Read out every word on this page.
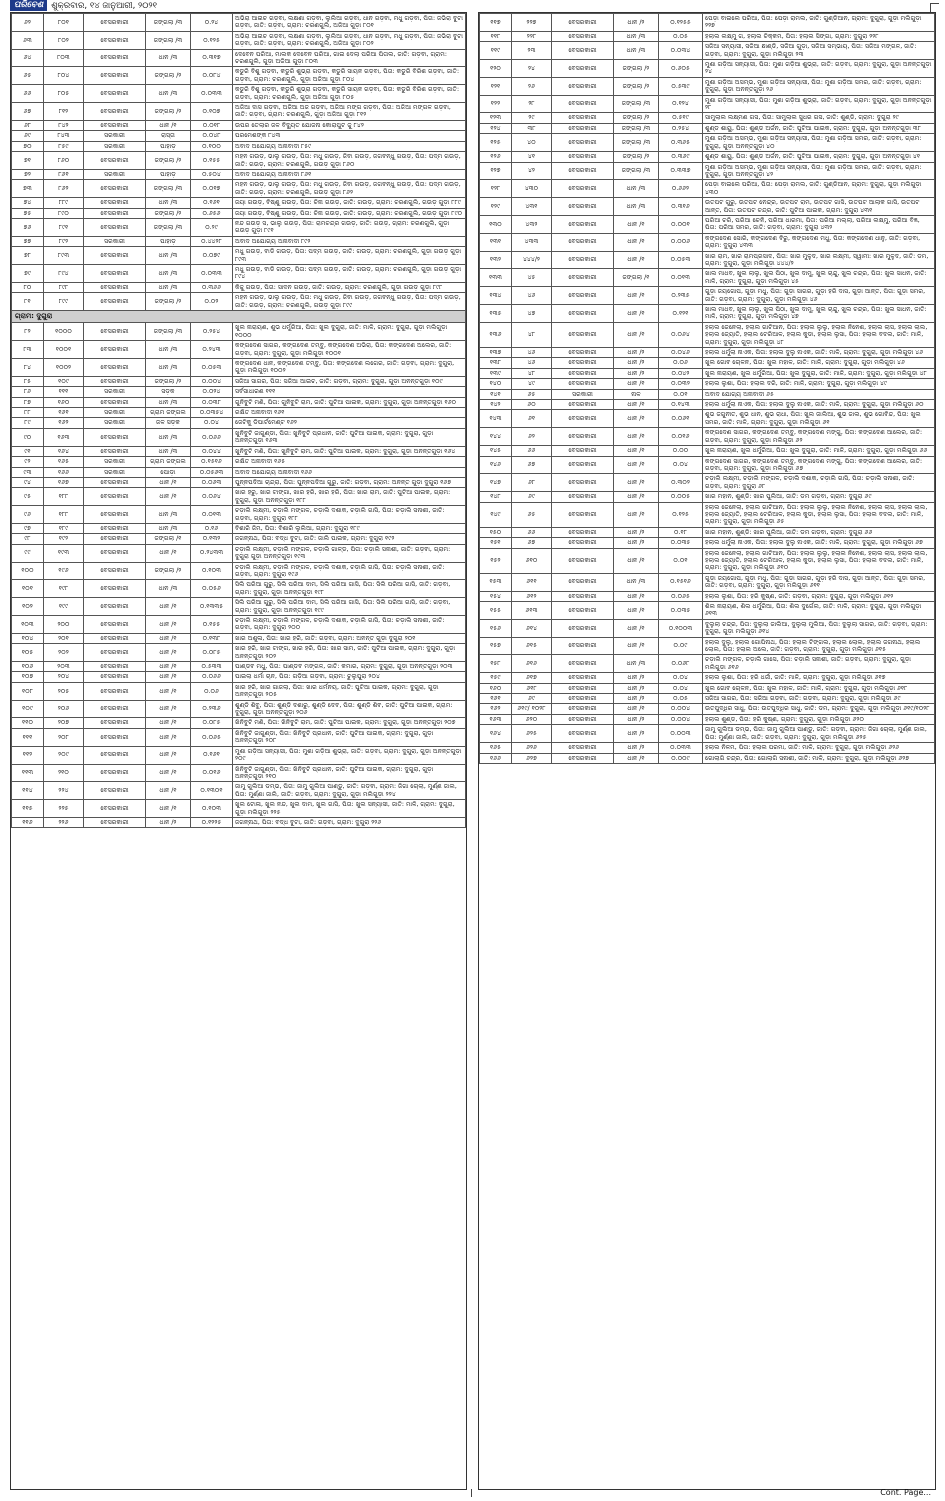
ପରିବେଶ ଶୁକ୍ରବାର, ୧୪ ଜାନୁଆରୀ, ୨୦୨୧
୬୨	୮୦୧	ବେସରକାରୀ	ଜଙ୍ଗଲା /୩	୦.୨୪	ଅଭିରା ଆଇଚ ଗଡ଼ବା, ଲକ୍ଷଣା ଗଡ଼ବା, ଲୁଲିଆ ଗଡ଼ବା, ଧାନ ଗଡ଼ବା, ମଧୁ ଗଡ଼ବା, ପିତା: ଜଭିରା ବୁଟା ଗଡ଼ବା, ଜାତି: ଗଡ଼ବା, ଗ୍ରାମ: ଚରଣଗୁଲି, ଅଜିଆ ଗୁଡ଼ା ୮୦୧
୬୩	୮୦୨	ବେସରକାରୀ	ଜଙ୍ଗଲା /୩	୦.୧୨୫	ଅଭିରା ଆଇଚ ଗଡ଼ବା, ଲକ୍ଷଣା ଗଡ଼ବା, ଲୁଲିଆ ଗଡ଼ବା, ଧାନ ଗଡ଼ବା, ମଧୁ ଗଡ଼ବା, ପିତା: ଜଭିରା ବୁଟା ଗଡ଼ବା, ଜାତି: ଗଡ଼ବା, ଗ୍ରାମ: ଚରଣଗୁଲି, ଅଜିଆ ଗୁଡ଼ା ୮୦୨
୬୪	୮୦୩	ବେସରକାରୀ	ଧାନ /୩	୦.୩୧୭	ଦେବେନ ପରିଆ, ମାଲକ ଦେବେନ ପରିଆ, ଗାଇ ଦେଲା ପରିଆ ପିତାଲ, ଜାତି: ଗଡ଼ବା, ଗ୍ରାମ: ଚରଣଗୁଲି, ଗୁଡ଼ା ଅଜିଆ ଗୁଡ଼ା ୮୦୩
୬୫	୮୦୪	ବେସରକାରୀ	ଜଙ୍ଗଲା /୨	୦.୦୮୪	କଡୁରି ବିଶୁ ଗଡ଼ବା, କଡୁରି ଶୁଭ୍ରା ଗଡ଼ବା, କଡୁରି ସାୟନ ଗଡ଼ବା, ପିତା: କଡୁରି ବିରିଶ ଗଡ଼ବା, ଜାତି: ଗଡ଼ବା, ଗ୍ରାମ: ଚରଣଗୁଲି, ଗୁଡ଼ା ଅଜିଆ ଗୁଡ଼ା ୮୦୪
୬୬	୮୦୫	ବେସରକାରୀ	ଧାନ /୩	୦.୦୩୩	କଡୁରି ବିଶୁ ଗଡ଼ବା, କଡୁରି ଶୁଭ୍ରା ଗଡ଼ବା, କଡୁରି ସାୟନ ଗଡ଼ବା, ପିତା: କଡୁରି ବିରିଶ ଗଡ଼ବା, ଜାତି: ଗଡ଼ବା, ଗ୍ରାମ: ଚରଣଗୁଲି, ଗୁଡ଼ା ଅଜିଆ ଗୁଡ଼ା ୮୦୫
୬୭	୮୧୨	ବେସରକାରୀ	ଜଙ୍ଗଲା /୨	୦.୧୦୭	ଅଜିଆ ଦାସ ଗଡ଼ବା, ଅଜିଆ ଅଜ ଗଡ଼ବା, ଅଜିଆ ମଙ୍ଗ ଗଡ଼ବା, ପିତା: ଅଜିଆ ମଙ୍ଗଳ ଗଡ଼ବା, ଜାତି: ଗଡ଼ବା, ଗ୍ରାମ: ଚରଣଗୁଲି, ଗୁଡ଼ା ଅଜିଆ ଗୁଡ଼ା ୮୧୨
୬୮	୮୪୨	ବେସରକାରୀ	ଧାନ /୧	୦.୦୧୮	ଉପର ତେଲାର ଜଳ ବିଦ୍ୟୁତ ଯୋଜନା କୋରାପୁଟ ଜୁ ୮୪୨
୬୯	୮୪୩	ସରକାରୀ	ରାସ୍ତା	୦.୦୪୮	ପରମେଶଙ୍କ ୮୪୩
୭୦	୮୫୯	ସରକାରୀ	ପାହାଡ଼	୦.୧୦୦	ଅବାଦ ଅଯୋଗ୍ୟ ଅନାବାଦୀ ୮୫୯
୭୧	୮୬୦	ବେସରକାରୀ	ଜଙ୍ଗଲା /୨	୦.୧୫୫	ମହନ ଗଉଡ଼, ଭାଲୁ ଗଉଡ଼, ପିତା: ମଧୁ ଗଉଡ଼, ଜିବା ଗଉଡ଼, ଜଗବନ୍ଧୁ ଗଉଡ଼, ପିତା: ପଦ୍ମ ଗଉଡ଼, ଜାତି: ଗଉଡ଼, ଗ୍ରାମ: ଚରଣଗୁଲି, ଗଉଡ଼ ଗୁଡ଼ା ୮୬୦
୭୨	୮୬୧	ସରକାରୀ	ପାହାଡ଼	୦.୫୦୪	ଅବାଦ ଅଯୋଗ୍ୟ ଅନାବାଦୀ ୮୬୧
୭୩	୮୬୨	ବେସରକାରୀ	ଜଙ୍ଗଲା /୩	୦.୦୧୭	ମହନ ଗଉଡ଼, ଭାଲୁ ଗଉଡ଼, ପିତା: ମଧୁ ଗଉଡ଼, ଜିବା ଗଉଡ଼, ଜଗବନ୍ଧୁ ଗଉଡ଼, ପିତା: ପଦ୍ମ ଗଉଡ଼, ଜାତି: ଗଉଡ଼, ଗ୍ରାମ: ଚରଣଗୁଲି, ଗଉଡ଼ ଗୁଡ଼ା ୮୬୨
୭୪	୮୮୯	ବେସରକାରୀ	ଧାନ /୩	୦.୧୬୧	ଜୟା ଗଉଡ଼, ବିଷ୍ଣୁ ଗଉଡ଼, ପିତା: ଚିନା ଗଉଡ଼, ଜାତି: ଗଉଡ଼, ଗ୍ରାମ: ଚରଣଗୁଲି, ଗଉଡ଼ ଗୁଡ଼ା ୮୮୯
୭୫	୮୯୦	ବେସରକାରୀ	ଜଙ୍ଗଲା /୨	୦.୬୫୬	ଜୟା ଗଉଡ଼, ବିଷ୍ଣୁ ଗଉଡ଼, ପିତା: ଚିନା ଗଉଡ଼, ଜାତି: ଗଉଡ଼, ଗ୍ରାମ: ଚରଣଗୁଲି, ଗଉଡ଼ ଗୁଡ଼ା ୮୯୦
୭୬	୮୯୧	ବେସରକାରୀ	ଜଙ୍ଗଲା /୩	୦.୨୯	ନନ୍ଦ ଗଉଡ଼ ସ, ଭାଲୁ ଗଉଡ଼, ପିତା: ରାମଚନ୍ଦ୍ର ଗଉଡ଼, ଜାତି: ଗଉଡ଼, ଗ୍ରାମ: ଚରଣଗୁଲି, ଗୁଡ଼ା ଗଉଡ଼ ଗୁଡ଼ା ୮୯୧
୭୭	୮୯୨	ସରକାରୀ	ପାହାଡ଼	୦.୪୪୨୮	ଅବାଦ ଅଯୋଗ୍ୟ ଅନାବାଦୀ ୮୯୨
୭୮	୮୯୩	ବେସରକାରୀ	ଧାନ /୩	୦.୦୭୯	ମଧୁ ଗଉଡ଼, ବାଡି ଗଉଡ଼, ପିତା: ପଦ୍ମ ଗଉଡ଼, ଜାତି: ଗଉଡ଼, ଗ୍ରାମ: ଚରଣଗୁଲି, ଗୁଡ଼ା ଗଉଡ଼ ଗୁଡ଼ା ୮୯୩
୭୯	୮୯୪	ବେସରକାରୀ	ଧାନ /୩	୦.୦୩୩	ମଧୁ ଗଉଡ଼, ବାଡି ଗଉଡ଼, ପିତା: ପଦ୍ମ ଗଉଡ଼, ଜାତି: ଗଉଡ଼, ଗ୍ରାମ: ଚରଣଗୁଲି, ଗୁଡ଼ା ଗଉଡ଼ ଗୁଡ଼ା ୮୯୪
୮୦	୮୯୮	ବେସରକାରୀ	ଧାନ /୩	୦.୩୬୬	କିଚ୍ଚୁ ଗଉଡ଼, ପିତା: ସାଦନ ଗଉଡ଼, ଜାତି: ଗଉଡ଼, ଗ୍ରାମ: ଚରଣଗୁଲି, ଗୁଡ଼ା ଗଉଡ଼ ଗୁଡ଼ା ୮୯୮
୮୧	୮୯୯	ବେସରକାରୀ	ଜଙ୍ଗଲା /୨	୦.୦୨	ମହନ ଗଉଡ଼, ଭାଲୁ ଗଉଡ଼, ପିତା: ମଧୁ ଗଉଡ଼, ଜିବା ଗଉଡ଼, ଜଗବନ୍ଧୁ ଗଉଡ଼, ପିତା: ପଦ୍ମ ଗଉଡ଼, ଜାତି: ଗଉଡ଼, ଗ୍ରାମ: ଚରଣଗୁଲି, ଗଉଡ଼ ଗୁଡ଼ା ୮୯୯
ଗ୍ରାମ: ଦୁଗୁରା					
୮୨	୧୦୦୦	ବେସରକାରୀ	ଜଙ୍ଗଲା /୩	୦.୨୫୪	ଖୁଲ ନାରାୟଣ, ଶୁଭ ଧର୍ମୁରିଆ, ପିତା: ଖୁଲ ଦୁଗୁରା, ଜାତି: ମାଳି, ଗ୍ରାମ: ଦୁଗୁରା, ଗୁଡ଼ା ମଲିଗୁଡ଼ା ୧୦୦୦
୮୩	୧୦୦୧	ବେସରକାରୀ	ଧାନ /୩	୦.୨୪୩	କଙ୍ଗଦେଣ ସାଗର, କଙ୍ଗଦେଣ ତମ୍ବୁ, କଙ୍ଗଦେଣ ଅଭିରା, ପିତା: କଙ୍ଗଦେଣ ଅଲେର, ଜାତି: ଗଡ଼ବା, ଗ୍ରାମ: ଦୁଗୁରା, ଗୁଡ଼ା ମଲିଗୁଡ଼ା ୧୦୦୧
୮୪	୧୦୦୨	ବେସରକାରୀ	ଧାନ /୩	୦.୦୫୩	କଙ୍ଗଦେଣ ଧାନ, କଙ୍ଗଦେଣ ତମ୍ବୁ, ପିତା: କଙ୍ଗଦେଣ ଲଗେର, ଜାତି: ଗଡ଼ବା, ଗ୍ରାମ: ଦୁଗୁରା, ଗୁଡ଼ା ମଲିଗୁଡ଼ା ୧୦୦୨
୮୫	୧୦୯	ବେସରକାରୀ	ଜଙ୍ଗଲା /୨	୦.୦୦୪	ସଜିଆ ସାଗର, ପିତା: ସଜିଆ ଆଇଚ, ଜାତି: ଗଡ଼ବା, ଗ୍ରାମ: ଦୁଗୁରା, ଗୁଡ଼ା ଅନନ୍ତଗୁଡ଼ା ୧୦୯
୮୬	୧୧୧	ସରକାରୀ	ସଡ଼କ	୦.୦୨୪	ସର୍ବସାଧାରଣ ୧୧୧
୮୭	୧୬୦	ବେସରକାରୀ	ଧାନ /୩	୦.୦୩୮	ଗୁନିବୁଟି ମଣି, ପିତା: ଗୁନିବୁଟି ରାମ, ଜାତି: ପୁଟିଆ ପାଇକ, ଗ୍ରାମ: ଦୁଗୁରା, ଗୁଡ଼ା ଅନନ୍ତଗୁଡ଼ା ୧୬୦
୮୮	୧୬୧	ସରକାରୀ	ଗ୍ରାମ ଜଙ୍ଗଲ	୦.୦୩୫୪	ରକ୍ଷିତ ଅନାବାଦୀ ୧୬୧
୮୯	୧୬୨	ସରକାରୀ	ଜଳ ସଡ଼କ	୦.୦୪	ଜେଟିକୁ ଡିପାର୍ଟମେଣ୍ଟ ୧୬୨
୯୦	୧୬୩	ବେସରକାରୀ	ଧାନ /୩	୦.୦୬୬	ଖୁନିବୁଟି ଜାଗୁଣ୍ଡା, ପିତା: ଖୁନିବୁଟି ପ୍ରଧାନ, ଜାତି: ପୁଟିଆ ପାଇକ, ଗ୍ରାମ: ଦୁଗୁରା, ଗୁଡ଼ା ଅନନ୍ତଗୁଡ଼ା ୧୬୩
୯୧	୧୬୪	ବେସରକାରୀ	ଧାନ /୩	୦.୦୪୪	ଖୁନିବୁଟି ମଣି, ପିତା: ଖୁନିବୁଟି ରାମ, ଜାତି: ପୁଟିଆ ପାଇକ, ଗ୍ରାମ: ଦୁଗୁରା, ଗୁଡ଼ା ଅନନ୍ତଗୁଡ଼ା ୧୬୪
୯୨	୧୬୫	ସରକାରୀ	ଗ୍ରାମ ଜଙ୍ଗଲ	୦.୧୫୧୬	ରକ୍ଷିତ ଅନାବାଦୀ ୧୬୫
୯୩	୧୬୬	ସରକାରୀ	ପୋଡ଼ା	୦.୦୫୬୩	ଅବାଦ ଅଯୋଗ୍ୟ ଅନାବାଦୀ ୧୬୬
୯୪	୧୬୭	ବେସରକାରୀ	ଧାନ /୧	୦.୦୬୩	ପୁନ୍ନପଦିଆ ଚାନ୍ଦ୍ରା, ପିତା: ପୁନ୍ନପଦିଆ ଗୁରୁ, ଜାତି: ଗଡ଼ବା, ଗ୍ରାମ: ଅନନ୍ତ ଗୁଡ଼ା ଦୁଗୁରା ୧୬୭
୯୫	୧୮୮	ବେସରକାରୀ	ଧାନ /୧	୦.୦୬୪	ଖାର ହରୁ, ଖାର ଟାଙ୍ଗା, ଖାର ହରି, ଖାର ହରି, ପିତା: ଖାର ରାମ, ଜାତି: ପୁଟିଆ ପାଇକ, ଗ୍ରାମ: ଦୁଗୁରା, ଗୁଡ଼ା ଅନନ୍ତଗୁଡ଼ା ୧୮୮
୯୬	୧୮୮	ବେସରକାରୀ	ଧାନ /୩	୦.୦୧୩	ଚଡ଼ାଲି ଲକ୍ଷ୍ମୀ, ଚଡ଼ାଲି ମଙ୍ଗଳ, ଚଡ଼ାଲି ଦଶାକ, ଚଡ଼ାଲି ଗାସି, ପିତା: ଚଡ଼ାଲି ସନାଶୀ, ଜାତି: ଗଡ଼ବା, ଗ୍ରାମ: ଦୁଗୁରା ୧୮୮
୯୭	୧୮୯	ବେସରକାରୀ	ଧାନ /୩	୦.୧୬	ବିଶାରି ଜିମ, ପିତା: ବିଶାରି ଲୁଲିଆ, ଗ୍ରାମ: ଦୁଗୁରା ୧୮୯
୯୮	୧୯୨	ବେସରକାରୀ	ଜଙ୍ଗଲା /୧	୦.୧୩୨	ଜଗନ୍ନାଥ, ପିତା: ବଦ୍ଧ ବୁଟା, ଜାତି: ଜାଲି ପାଇକ, ଗ୍ରାମ: ଦୁଗୁରା ୧୯୨
୯୯	୧୯୩	ବେସରକାରୀ	ଧାନ /୧	୦.୨୪୩୩	ଚଡ଼ାଲି ଲକ୍ଷ୍ମୀ, ଚଡ଼ାଲି ମଙ୍ଗଳ, ଚଡ଼ାଲି ଗାଳ୍ଡ, ପିତା: ଚଡ଼ାଲି ସନାଶୀ, ଜାତି: ଗଡ଼ବା, ଗ୍ରାମ: ଦୁଗୁରା ଗୁଡ଼ା ଅନନ୍ତଗୁଡ଼ା ୧୯୩
୧୦୦	୧୯୬	ବେସରକାରୀ	ଜଙ୍ଗଲା /୨	୦.୧୦୩	ଚଡ଼ାଲି ଲକ୍ଷ୍ମୀ, ଚଡ଼ାଲି ମଙ୍ଗଳ, ଚଡ଼ାଲି ଦଶାକ, ଚଡ଼ାଲି ଗାସି, ପିତା: ଚଡ଼ାଲି ସନାଶୀ, ଜାତି: ଗଡ଼ବା, ଗ୍ରାମ: ଦୁଗୁରା ୧୯୬
୧୦୧	୧୯୮	ବେସରକାରୀ	ଧାନ /୩	୦.୦୫୬	ସିଲି ପରିଆ ଗୁରୁ, ସିଲି ପରିଆ ଦାମ, ସିଲି ପରିଆ ଗାସି, ପିତା: ସିଲି ପରିଆ ଗାସି, ଜାତି: ଗଡ଼ବା, ଗ୍ରାମ: ଦୁଗୁରା, ଗୁଡ଼ା ଅନନ୍ତଗୁଡ଼ା ୧୯୮
୧୦୨	୧୯୯	ବେସରକାରୀ	ଧାନ /୧	୦.୧୩୩୫	ସିଲି ପରିଆ ଗୁରୁ, ସିଲି ପରିଆ ଦାମ, ସିଲି ପରିଆ ଗାସି, ପିତା: ସିଲି ପରିଆ ଗାସି, ଜାତି: ଗଡ଼ବା, ଗ୍ରାମ: ଦୁଗୁରା, ଗୁଡ଼ା ଅନନ୍ତଗୁଡ଼ା ୧୯୯
୧୦୩	୨୦୦	ବେସରକାରୀ	ଧାନ /୧	୦.୧୫୫	ଚଡ଼ାଲି ଲକ୍ଷ୍ମୀ, ଚଡ଼ାଲି ମଙ୍ଗଳ, ଚଡ଼ାଲି ଦଶାକ, ଚଡ଼ାଲି ଗାସି, ପିତା: ଚଡ଼ାଲି ସନାଶୀ, ଜାତି: ଗଡ଼ବା, ଗ୍ରାମ: ଦୁଗୁରା ୨୦୦
୧୦୪	୨୦୧	ବେସରକାରୀ	ଧାନ /୧	୦.୧୩୮	ଖାର ଅଶୁଳା, ପିତା: ଖାର ହରି, ଜାତି: ଗଡ଼ବା, ଗ୍ରାମ: ଅନନ୍ତ ଗୁଡ଼ା ଦୁଗୁରା ୨୦୧
୧୦୫	୨୦୨	ବେସରକାରୀ	ଧାନ /୧	୦.୦୮୫	ଖାର ହରି, ଖାର ଟାଙ୍ଗ, ଖାର ହରି, ପିତା: ଖାର ସାମ, ଜାତି: ପୁଟିଆ ପାଇକ, ଗ୍ରାମ: ଦୁଗୁରା, ଗୁଡ଼ା ଅନନ୍ତଗୁଡ଼ା ୨୦୨
୧୦୬	୨୦୩	ବେସରକାରୀ	ଧାନ /୧	୦.୫୩୩	ପାଣ୍ଡବ ମଧୁ, ପିତା: ପାଣ୍ଡବ ମଙ୍ଗଳ, ଜାତି: କମାର, ଗ୍ରାମ: ଦୁଗୁରା, ଗୁଡ଼ା ଅନନ୍ତଗୁଡ଼ା ୨୦୩
୧୦୭	୨୦୪	ବେସରକାରୀ	ଧାନ /୧	୦.୦୬୬	ପାଇଲା ଧର୍ମା ଚାନ, ପିତା: ଗଡ଼ିଆ ଗଡ଼ବା, ଗ୍ରାମ: ଚୁଲୁପୁରା ୨୦୪
୧୦୮	୨୦୫	ବେସରକାରୀ	ଧାନ /୧	୦.୦୬	ଖାର ହରି, ଖାର ଗାଜଲା, ପିତା: ଖାର ଧର୍ମନୟ, ଜାତି: ପୁଟିଆ ପାଇକ, ଗ୍ରାମ: ଦୁଗୁରା, ଗୁଡ଼ା ଅନନ୍ତଗୁଡ଼ା ୨୦୫
୧୦୯	୨୦୬	ବେସରକାରୀ	ଧାନ /୧	୦.୨୩୬	ଶୁଣ୍ଡି ଶିବୁ, ପିତା: ଶୁଣ୍ଡି ଦଶାରୁ, ଶୁଣ୍ଡି ଦେବ, ପିତା: ଶୁଣ୍ଡି ଶିବ, ଜାତି: ପୁଟିଆ ପାଇକ, ଗ୍ରାମ: ଦୁଗୁରା, ଗୁଡ଼ା ଅନନ୍ତଗୁଡ଼ା ୨୦୬
୧୧୦	୨୦୭	ବେସରକାରୀ	ଧାନ /୧	୦.୦୮୫	ଖିନିବୁଟି ମଣି, ପିତା: ଖିନିବୁଟି ରାମ, ଜାତି: ପୁଟିଆ ପାଇକ, ଗ୍ରାମ: ଦୁଗୁରା, ଗୁଡ଼ା ଅନନ୍ତଗୁଡ଼ା ୨୦୭
୧୧୧	୨୦୮	ବେସରକାରୀ	ଧାନ /୧	୦.୦୬୫	ଖିନିବୁଟି ଜାଗୁଣ୍ଡା, ପିତା: ଖିନିବୁଟି ପ୍ରଧାନ, ଜାତି: ପୁଟିଆ ପାଇକ, ଗ୍ରାମ: ଦୁଗୁରା, ଗୁଡ଼ା ଅନନ୍ତଗୁଡ଼ା ୨୦୮
୧୧୨	୨୦୯	ବେସରକାରୀ	ଧାନ /୧	୦.୧୬୧	ମୁଶା ଗଡ଼ିଆ ସନ୍ୟାସୀ, ପିତା: ମୁଶା ଗଡ଼ିଆ ଶୁଭ୍ରା, ଜାତି: ଗଡ଼ବା, ଗ୍ରାମ: ଦୁଗୁରା, ଗୁଡ଼ା ଅନନ୍ତଗୁଡ଼ା ୨୦୯
୧୧୩	୨୧୦	ବେସରକାରୀ	ଧାନ /୧	୦.୦୧୬	ଖିନିବୁଟି ଜାଗୁଣ୍ଡା, ପିତା: ଖିନିବୁଟି ପ୍ରଧାନ, ଜାତି: ପୁଟିଆ ପାଇକ, ଗ୍ରାମ: ଦୁଗୁରା, ଗୁଡ଼ା ଅନନ୍ତଗୁଡ଼ା ୨୧୦
୧୧୪	୨୨୪	ବେସରକାରୀ	ଧାନ /୧	୦.୧୩୦୧	ଜାମୁ ଗୁଲିଆ ଡମ୍ଭ, ପିତା: ଜାମୁ ଗୁଲିଆ ପାଣ୍ଡୁ, ଜାତି: ଗଡ଼ବା, ଗ୍ରାମ: ଜିଗା ଚୋଲା, ମୁର୍ଣ୍ଣ ଜାଲ, ପିତା: ମୁର୍ଣ୍ଣା ଜାଲି, ଜାତି: ଗଡ଼ବା, ଗ୍ରାମ: ଦୁଗୁରା, ଗୁଡ଼ା ମଲିଗୁଡ଼ା ୨୨୪
୧୧୫	୨୨୫	ବେସରକାରୀ	ଧାନ /୧	୦.୧୦୩	ଖୁଲ ଟୋଳା, ଖୁଲ ନନ୍ଦ, ଖୁଲ ଦାମ, ଖୁଲ ଗାସି, ପିତା: ଖୁଲ ସନ୍ୟାସୀ, ଜାତି: ମାଳି, ଗ୍ରାମ: ଦୁଗୁରା, ଗୁଡ଼ା ମଲିଗୁଡ଼ା ୨୨୫
୧୧୬	୨୨୬	ବେସରକାରୀ	ଧାନ /୨	୦.୧୨୨୫	ଜଗନ୍ନାଥ, ପିତା: ବଦ୍ଧ ବୁଟା, ଜାତି: ଗଡ଼ବା, ଗ୍ରାମ: ଦୁଗୁରା ୨୨୬
୧୧୭	୨୨୭	ବେସରକାରୀ	ଧାନ /୨	୦.୧୨୫୫	ପେଡ଼ା ବାଇଲେ ପରିଆ, ପିତା: ପେଡ଼ା ରାମଲ, ଜାତି: ଗୁଣ୍ଡିଆନ, ଗ୍ରାମ: ଦୁଗୁରା, ଗୁଡ଼ା ମଲିଗୁଡ଼ା ୨୨୭
୧୧୮	୨୨୮	ବେସରକାରୀ	ଧାନ /୩	୦.୦୫	ହଲାଲ ଲକ୍ଷ୍ମୁ ଗ, ହଲାଲ ଚିକ୍କମ, ପିତା: ହଲାଲ ସିଙ୍ଗା, ଗ୍ରାମ: ଦୁଗୁରା ୨୨୮
୧୧୯	୨୩	ବେସରକାରୀ	ଧାନ /୩	୦.୦୩୪	ସଜିଆ ସନ୍ୟାସୀ, ସଜିଆ ଛାଣ୍ଡି, ସଜିଆ ଗୁଡ଼ା, ସଜିଆ ସମ୍ଭାୟ, ପିତା: ସଜିଆ ମଙ୍ଗଳ, ଜାତି: ଗଡ଼ବା, ଗ୍ରାମ: ଦୁଗୁରା, ଗୁଡ଼ା ମଲିଗୁଡ଼ା ୨୩
୧୨୦	୨୪	ବେସରକାରୀ	ଜଙ୍ଗଲା /୨	୦.୬୦୫	ମୁଶା ଗଡ଼ିଆ ସନ୍ୟାସୀ, ପିତା: ମୁଶା ଗଡ଼ିଆ ଶୁଭ୍ରା, ଜାତି: ଗଡ଼ବା, ଗ୍ରାମ: ଦୁଗୁରା, ଗୁଡ଼ା ଅନନ୍ତଗୁଡ଼ା ୨୪
୧୨୧	୨୬	ବେସରକାରୀ	ଜଙ୍ଗଲା /୨	୦.୫୩୯	ମୁଶା ଗଡ଼ିଆ ଅସମ୍ଭ, ମୁଶା ଗଡ଼ିଆ ସନ୍ୟାସୀ, ପିତା: ମୁଶା ଗଡ଼ିଆ ସମର, ଜାତି: ଗଡ଼ବା, ଗ୍ରାମ: ଦୁଗୁରା, ଗୁଡ଼ା ଅନନ୍ତଗୁଡ଼ା ୨୬
୧୨୨	୨୮	ବେସରକାରୀ	ଜଙ୍ଗଲା /୩	୦.୧୨୪	ମୁଶା ଗଡ଼ିଆ ସନ୍ୟାସୀ, ପିତା: ମୁଶା ଗଡ଼ିଆ ଶୁଭ୍ରା, ଜାତି: ଗଡ଼ବା, ଗ୍ରାମ: ଦୁଗୁରା, ଗୁଡ଼ା ଅନନ୍ତଗୁଡ଼ା ୨୮
୧୨୩	୨୯	ବେସରକାରୀ	ଜଙ୍ଗଲା /୨	୦.୫୧୯	ସାମୁଲାଲ ଲକ୍ଷ୍ମଣ ଗସ, ପିତା: ସାମୁଲାଲ ସୁଧର ଗସ, ଜାତି: ଶୁଣ୍ଡି, ଗ୍ରାମ: ଦୁଗୁରା ୨୯
୧୨୪	୩୮	ବେସରକାରୀ	ଜଙ୍ଗଲା /୩	୦.୨୫୪	ଶୁଣ୍ଡ ଶାୟୁ, ପିତା: ଶୁଣ୍ଡ ଅର୍ଜନ, ଜାତି: ପୁଟିଆ ପାଇକ, ଗ୍ରାମ: ଦୁଗୁରା, ଗୁଡ଼ା ଅନନ୍ତଗୁଡ଼ା ୩୮
୧୨୫	୪୦	ବେସରକାରୀ	ଜଙ୍ଗଲା /୩	୦.୩୬୫	ମୁଶା ଗଡ଼ିଆ ଅସମ୍ଭ, ମୁଶା ଗଡ଼ିଆ ସନ୍ୟାସୀ, ପିତା: ମୁଶା ଗଡ଼ିଆ ସମର, ଜାତି: ଗଡ଼ବା, ଗ୍ରାମ: ଦୁଗୁରା, ଗୁଡ଼ା ଅନନ୍ତଗୁଡ଼ା ୪୦
୧୨୬	୪୧	ବେସରକାରୀ	ଜଙ୍ଗଲା /୨	୦.୩୬୯	ଶୁଣ୍ଡ ଶାୟୁ, ପିତା: ଶୁଣ୍ଡ ଅର୍ଜନ, ଜାତି: ପୁଟିଆ ପାଇକ, ଗ୍ରାମ: ଦୁଗୁରା, ଗୁଡ଼ା ଅନନ୍ତଗୁଡ଼ା ୪୧
୧୨୭	୪୨	ବେସରକାରୀ	ଜଙ୍ଗଲା /୩	୦.୩୩୭	ମୁଶା ଗଡ଼ିଆ ଅସମ୍ଭ, ମୁଶା ଗଡ଼ିଆ ସନ୍ୟାସୀ, ପିତା: ମୁଶା ଗଡ଼ିଆ ସମର, ଜାତି: ଗଡ଼ବା, ଗ୍ରାମ: ଦୁଗୁରା, ଗୁଡ଼ା ଅନନ୍ତଗୁଡ଼ା ୪୨
୧୨୮	୪୩୦	ବେସରକାରୀ	ଧାନ /୩	୦.୬୬୨	ପେଡ଼ା ବାଇଲେ ପରିଆ, ପିତା: ପେଡ଼ା ରାମଲ, ଜାତି: ଗୁଣ୍ଡିଆନ, ଗ୍ରାମ: ଦୁଗୁରା, ଗୁଡ଼ା ମଲିଗୁଡ଼ା ୪୩୦
୧୨୯	୪୩୧	ବେସରକାରୀ	ଧାନ /୩	୦.୩୧୬	ଉତପଟ ଗୁରୁ, ଉତପଟ ନେନ୍ଦ୍ର, ଉତପଟ ରାମ, ଉତପଟ ଗାସି, ଉତପଟ ଆଲାକ ଗାସି, ଉତପଟ ଆନ୍ତ, ପିତା: ଉତପଟ ଚନ୍ଦ୍ର, ଜାତି: ପୁଟିଆ ପାଇକ, ଗ୍ରାମ: ଦୁଗୁରା ୪୩୧
୧୩୦	୪୩୨	ବେସରକାରୀ	ଧାନ /୧	୦.୦୦୧	ପରିଆ ଚରି, ପରିଆ ଚେନି, ପରିଆ ଧାରମା, ପିତା: ପରିଆ ମଲ୍ଲା, ପରିଆ ଲକ୍ଷ୍ମୁ, ପରିଆ ବିଜ୍ଞ, ପିତା: ପରିଆ ସମର, ଜାତି: ଗଡ଼ବା, ଗ୍ରାମ: ଦୁଗୁରା ୪୩୨
୧୩୧	୪୩୩	ବେସରକାରୀ	ଧାନ /୧	୦.୦୦୬	କଙ୍ଗଦେଣ ସୋରି, କଙ୍ଗଦେଣ ବିରୁ, କଙ୍ଗଦେଣ ମଧୁ, ପିତା: କଙ୍ଗଦେଣ ଧାନୁ, ଜାତି: ଗଡ଼ବା, ଗ୍ରାମ: ଦୁଗୁରା ୪୩୩
୧୩୨	୪୪୪/୨	ବେସରକାରୀ	ଧାନ /୧	୦.୦୫୩	ଖାର ରାମ, ଖାର ରାମପ୍ରସାଦ, ପିତା: ଖାର ମୁଳୁଦ, ଖାର ଲକ୍ଷ୍ମୀ, ସ୍ୱାମୀ: ଖାର ମୁଳୁଦ, ଜାତି: ଡମ, ଗ୍ରାମ: ଦୁଗୁରା, ଗୁଡ଼ା ମଲିଗୁଡ଼ା ୪୪୪/୨
୧୩୩	୪୫	ବେସରକାରୀ	ଜଙ୍ଗଲା /୧	୦.୦୧୩	ଖାଲ ମାଧବ, ଖୁଲ ଲାଲୁ, ଖୁଲ ପିଠା, ଖୁଲ ଦାମୁ, ଖୁଲ ଚାନ୍ଦୁ, ଖୁଲ ଚନ୍ଦ୍ର, ପିତା: ଖୁଲ ସାଧନ, ଜାତି: ମାଳି, ଗ୍ରାମ: ଦୁଗୁରା, ଗୁଡ଼ା ମଲିଗୁଡ଼ା ୪୫
୧୩୪	୪୬	ବେସରକାରୀ	ଧାନ /୧	୦.୨୩୫	ଗୁଡ଼ା ଜୟଗୋପ, ଗୁଡ଼ା ମଧୁ, ପିତା: ଗୁଡ଼ା ସାଗର, ଗୁଡ଼ା ହରି ଦାସ, ଗୁଡ଼ା ଆନ୍ତ, ପିତା: ଗୁଡ଼ା ସମର, ଜାତି: ଗଡ଼ବା, ଗ୍ରାମ: ଦୁଗୁରା, ଗୁଡ଼ା ମଲିଗୁଡ଼ା ୪୬
୧୩୫	୪୭	ବେସରକାରୀ	ଧାନ /୧	୦.୧୨୧	ଖାଲ ମାଧବ, ଖୁଲ ଲାଲୁ, ଖୁଲ ପିଠା, ଖୁଲ ଦାମୁ, ଖୁଲ ଚାନ୍ଦୁ, ଖୁଲ ଚନ୍ଦ୍ର, ପିତା: ଖୁଲ ସାଧନ, ଜାତି: ମାଳି, ଗ୍ରାମ: ଦୁଗୁରା, ଗୁଡ଼ା ମଲିଗୁଡ଼ା ୪୭
୧୩୬	୪୮	ବେସରକାରୀ	ଧାନ /୧	୦.୦୬୪	ହଲାଲ ଜେନେଲା, ହଲାଲ ଗାଟିଆନ, ପିତା: ହଲାଲ ଲୁଲୁ, ହଲାଲ ନିନେଶ, ହଲାଲ ଲାସ, ହଲାଲ ଲାଲ, ହଲାଲ ଜ୍ୟୋତି, ହଲାଲ ଟେରିଆଳ, ହଲାଲ କୁଡା, ହଲାଲ ଲୁସା, ପିତା: ହଲାଲ ବଦଲ, ଜାତି: ମାଳି, ଗ୍ରାମ: ଦୁଗୁରା, ଗୁଡ଼ା ମଲିଗୁଡ଼ା ୪୮
୧୩୭	୪୬	ବେସରକାରୀ	ଧାନ /୨	୦.୦୪୬	ହଲାଲ ଧର୍ମୁଲା ନାଏକ, ପିତା: ହଲାଲ ଦୁଲୁ ନାଏକ, ଜାତି: ମାଳି, ଗ୍ରାମ: ଦୁଗୁରା, ଗୁଡ଼ା ମଲିଗୁଡ଼ା ୪୬
୧୩୮	୪୬	ବେସରକାରୀ	ଧାନ /୨	୦.୦୬	ଖୁଲ ଗୋବ ଚୋଳନ, ପିତା: ଖୁଲ ମହାଳ, ଜାତି: ମାଳି, ଗ୍ରାମ: ଦୁଗୁରା, ଗୁଡ଼ା ମଲିଗୁଡ଼ା ୪୬
୧୩୯	୪୮	ବେସରକାରୀ	ଧାନ /୨	୦.୦୪୨	ଖୁଲ ନାରାୟଣ, ଖୁଲ ଧର୍ମୁରିଆ, ପିତା: ଖୁଲ ଦୁଗୁରା, ଜାତି: ମାଳି, ଗ୍ରାମ: ଦୁଗୁରା, ଗୁଡ଼ା ମଲିଗୁଡ଼ା ୪୮
୧୪୦	୪୯	ବେସରକାରୀ	ଧାନ /୧	୦.୦୩୨	ହଲାଲ ଲୁଶା, ପିତା: ହଲାଲ ଦରି, ଜାତି: ମାଳି, ଗ୍ରାମ: ଦୁଗୁରା, ଗୁଡ଼ା ମଲିଗୁଡ଼ା ୪୯
୧୪୧	୬୫	ସରକାରୀ	ନାଳ	୦.୦୧	ଅବାଦ ଯୋଗ୍ୟ ଅନାବାଦୀ ୬୫
୧୪୨	୬୦	ବେସରକାରୀ	ଧାନ /୧	୦.୧୪୩	ହଲାଲ ଧର୍ମୁଲା ନାଏକ, ପିତା: ହଲାଲ ଦୁଲୁ ନାଏକ, ଜାତି: ମାଳି, ଗ୍ରାମ: ଦୁଗୁରା, ଗୁଡ଼ା ମଲିଗୁଡ଼ା ୬୦
୧୪୩	୬୧	ବେସରକାରୀ	ଧାନ /୧	୦.୦୬୧	ଶୁଭ ଜଗୁନୀତ, ଶୁଭ ଧାନ, ଶୁଭ ରାଧା, ପିତା: ଖୁଲ ଜାଲିଆ, ଶୁଭ ଜାଲ, ଶୁଭ ଗୋବିନ୍ଦ, ପିତା: ଖୁଲ ସମର, ଜାତି: ମାଳି, ଗ୍ରାମ: ଦୁଗୁରା, ଗୁଡ଼ା ମଲିଗୁଡ଼ା ୬୧
୧୪୪	୬୨	ବେସରକାରୀ	ଧାନ /୧	୦.୦୧୬	କଙ୍ଗଦେଣ ସାଗର, କଙ୍ଗଦେଣ ତମ୍ବୁ, କଙ୍ଗଦେଣ ମଙ୍ଗୁ, ପିତା: କଙ୍ଗଦେଣ ଆଲେର, ଜାତି: ଗଡ଼ବା, ଗ୍ରାମ: ଦୁଗୁରା, ଗୁଡ଼ା ମଲିଗୁଡ଼ା ୬୨
୧୪୫	୬୬	ବେସରକାରୀ	ଧାନ /୧	୦.୦୦	ଖୁଲ ନାରାୟଣ, ଖୁଲ ଧର୍ମୁରିଆ, ପିତା: ଖୁଲ ଦୁଗୁରା, ଜାତି: ମାଳି, ଗ୍ରାମ: ଦୁଗୁରା, ଗୁଡ଼ା ମଲିଗୁଡ଼ା ୬୬
୧୪୬	୬୭	ବେସରକାରୀ	ଧାନ /୧	୦.୦୪	କଙ୍ଗଦେଣ ସାଗର, କଙ୍ଗଦେଣ ତମ୍ବୁ, କଙ୍ଗଦେଣ ମଙ୍ଗୁ, ପିତା: କଙ୍ଗଦେଣ ଆଲେର, ଜାତି: ଗଡ଼ବା, ଗ୍ରାମ: ଦୁଗୁରା, ଗୁଡ଼ା ମଲିଗୁଡ଼ା ୬୭
୧୪୭	୬୮	ବେସରକାରୀ	ଧାନ /୧	୦.୩୦୨	ଚଡ଼ାଲି ଲକ୍ଷ୍ମୀ, ଚଡ଼ାଲି ମଙ୍ଗଳ, ଚଡ଼ାଲି ଦଶାକ, ଚଡ଼ାଲି ଗାସି, ପିତା: ଚଡ଼ାଲି ସନାଶୀ, ଜାତି: ଗଡ଼ବା, ଗ୍ରାମ: ଦୁଗୁରା ୬୮
୧୪୮	୬୯	ବେସରକାରୀ	ଧାନ /୧	୦.୦୦୫	ଖାର ମହାନ, ଶୁଣ୍ଡି: ଖାର ପୁଲିଆ, ଜାତି: ଡମ ଗଡ଼ବା, ଗ୍ରାମ: ଦୁଗୁରା ୬୯
୧୪୯	୬୫	ବେସରକାରୀ	ଧାନ /୧	୦.୧୨୫	ହଲାଲ ଜେନେଲା, ହଲାଲ ଗାଟିଆନ, ପିତା: ହଲାଲ ଲୁଲୁ, ହଲାଲ ନିନେଶ, ହଲାଲ ଲାସ, ହଲାଲ ଲାଲ, ହଲାଲ ଜ୍ୟୋତି, ହଲାଲ ଟେରିଆଳ, ହଲାଲ କୁଡା, ହଲାଲ ଲୁସା, ପିତା: ହଲାଲ ବଦଲ, ଜାତି: ମାଳି, ଗ୍ରାମ: ଦୁଗୁରା, ଗୁଡ଼ା ମଲିଗୁଡ଼ା ୬୫
୧୫୦	୬୬	ବେସରକାରୀ	ଧାନ /୨	୦.୧୮	ଖାର ମହାନ, ଶୁଣ୍ଡି: ଖାର ପୁଲିଆ, ଜାତି: ଡମ ଗଡ଼ବା, ଗ୍ରାମ: ଦୁଗୁରା ୬୬
୧୫୧	୬୭	ବେସରକାରୀ	ଧାନ /୨	୦.୦୩୫	ହଲାଲ ଧର୍ମୁଲା ନାଏକ, ପିତା: ହଲାଲ ଦୁଲୁ ନାଏକ, ଜାତି: ମାଳି, ଗ୍ରାମ: ଦୁଗୁରା, ଗୁଡ଼ା ମଲିଗୁଡ଼ା ୬୭
୧୫୨	୬୧୦	ବେସରକାରୀ	ଧାନ /୧	୦.୦୧	ହଲାଲ ଜେନେଲା, ହଲାଲ ଗାଟିଆନ, ପିତା: ହଲାଲ ଲୁଲୁ, ହଲାଲ ନିନେଶ, ହଲାଲ ଲାସ, ହଲାଲ ଲାଲ, ହଲାଲ ଜ୍ୟୋତି, ହଲାଲ ଟେରିଆଳ, ହଲାଲ କୁଡା, ହଲାଲ ଲୁସା, ପିତା: ହଲାଲ ବଦଲ, ଜାତି: ମାଳି, ଗ୍ରାମ: ଦୁଗୁରା, ଗୁଡ଼ା ମଲିଗୁଡ଼ା ୬୧୦
୧୫୩	୬୧୧	ବେସରକାରୀ	ଧାନ /୩	୦.୧୫୧୬	ଗୁଡ଼ା ଜୟଗୋପ, ଗୁଡ଼ା ମଧୁ, ପିତା: ଗୁଡ଼ା ସାଗର, ଗୁଡ଼ା ହରି ଦାସ, ଗୁଡ଼ା ଆନ୍ତ, ପିତା: ଗୁଡ଼ା ସମର, ଜାତି: ଗଡ଼ବା, ଗ୍ରାମ: ଦୁଗୁରା, ଗୁଡ଼ା ମଲିଗୁଡ଼ା ୬୧୧
୧୫୪	୬୧୨	ବେସରକାରୀ	ଧାନ /୧	୦.୦୬୫	ହଲାଲ ଲୁଶା, ପିତା: ହରି କୁଷ୍ଣ, ଜାତି: ଗଡ଼ବା, ଗ୍ରାମ: ଦୁଗୁରା, ଗୁଡ଼ା ମଲିଗୁଡ଼ା ୬୧୨
୧୫୫	୬୧୩	ବେସରକାରୀ	ଧାନ /୧	୦.୦୩୫	ଶିଲ ନାରାୟଣ, ଶିଲ ଧର୍ମୁରିଆ, ପିତା: ଶିଲ ଦୁର୍ଗେଲ, ଜାତି: ମାଳି, ଗ୍ରାମ: ଦୁଗୁରା, ଗୁଡ଼ା ମଲିଗୁଡ଼ା ୬୧୩
୧୫୬	୬୧୪	ବେସରକାରୀ	ଧାନ /୧	୦.୧୦୦୩	ଦୁଲୁଲା ଚନ୍ଦ୍ର, ପିତା: ଦୁଲୁଲା ଜାଲିଆ, ଦୁଲୁଲା ମୁଲିଆ, ପିତା: ଦୁଲୁଲା ସାଗର, ଜାତି: ଗଡ଼ବା, ଗ୍ରାମ: ଦୁଗୁରା, ଗୁଡ଼ା ମଲିଗୁଡ଼ା ୬୧୪
୧୫୭	୬୧୫	ବେସରକାରୀ	ଧାନ /୧	୦.୦୯	ହଲାଲ ଦୁଲୁ, ହଲାଲ ଗୋପିନାଥ, ପିତା: ହଲାଲ ଟିଙ୍ଗଲ, ହଲାଲ ଲୋଲ, ହଲାଲ ଜଗନାଥ, ହଲାଲ ଲୋଲ, ପିତା: ହଲାଲ ଅଲେ, ଜାତି: ଗଡ଼ବା, ଗ୍ରାମ: ଦୁଗୁରା, ଗୁଡ଼ା ମଲିଗୁଡ଼ା ୬୧୫
୧୫୮	୬୧୬	ବେସରକାରୀ	ଧାନ /୩	୦.୦୬୮	ଚଡ଼ାଲି ମଙ୍ଗଳ, ଚଡ଼ାଲି ଗାସେ, ପିତା: ଚଡ଼ାଲି ସନାଶୀ, ଜାତି: ଗଡ଼ବା, ଗ୍ରାମ: ଦୁଗୁରା, ଗୁଡ଼ା ମଲିଗୁଡ଼ା ୬୧୬
୧୫୯	୬୧୭	ବେସରକାରୀ	ଧାନ /୨	୦.୦୪	ହଲାଲ ଲୁଶା, ପିତା: ହରି ଧର୍ଜୀ, ଜାତି: ମାଳି, ଗ୍ରାମ: ଦୁଗୁରା, ଗୁଡ଼ା ମଲିଗୁଡ଼ା ୬୧୭
୧୬୦	୬୧୮	ବେସରକାରୀ	ଧାନ /୨	୦.୦୪	ଖୁଲ ଗୋବ ଚୋଳନ, ପିତା: ଖୁଲ ମହାଳ, ଜାତି: ମାଳି, ଗ୍ରାମ: ଦୁଗୁରା, ଗୁଡ଼ା ମଲିଗୁଡ଼ା ୬୧୮
୧୬୧	୬୯	ବେସରକାରୀ	ଧାନ /୨	୦.୦୫	ସଜିଆ ସାଗର, ପିତା: ସଜିଆ ଗଡ଼ବା, ଜାତି: ଗଡ଼ବା, ଗ୍ରାମ: ଦୁଗୁରା, ଗୁଡ଼ା ମଲିଗୁଡ଼ା ୬୯
୧୬୨	୬୧୯/ ୧୦୨୮	ବେସରକାରୀ	ଧାନ /୧	୦.୦୦୪	ଉତପୁଦ୍ଧିର ସାଧୁ, ପିତା: ଉତପୁଦ୍ଧିର ସାଧୁ, ଜାତି: ଡମ, ଗ୍ରାମ: ଦୁଗୁରା, ଗୁଡ଼ା ମଲିଗୁଡ଼ା ୬୧୯/୧୦୨୮
୧୬୩	୬୨୦	ବେସରକାରୀ	ଧାନ /୨	୦.୦୦୪	ହଲାଲ ଶୁଣ୍ଡ, ପିତା: ହରି କୁଷ୍ଣ, ଗ୍ରାମ: ଦୁଗୁରା, ଗୁଡ଼ା ମଲିଗୁଡ଼ା ୬୨୦
୧୬୪	୬୨୫	ବେସରକାରୀ	ଧାନ /୨	୦.୦୦୩	ଜାମୁ ଗୁଲିଆ ଡମ୍ଭ, ପିତା: ଜାମୁ ଗୁଲିଆ ପାଣ୍ଡୁ, ଜାତି: ଗଡ଼ବା, ଗ୍ରାମ: ଜିଗା ଚୋଲା, ମୁର୍ଣ୍ଣ ଜାଲ, ପିତା: ମୁର୍ଣ୍ଣା ଜାଲି, ଜାତି: ଗଡ଼ବା, ଗ୍ରାମ: ଦୁଗୁରା, ଗୁଡ଼ା ମଲିଗୁଡ଼ା ୬୨୫
୧୬୫	୬୨୬	ବେସରକାରୀ	ଧାନ /୨	୦.୦୩୩	ହଲାଲ ନିଳମ, ପିତା: ହଲାଲ ପରମା, ଜାତି: ମାଳି, ଗ୍ରାମ: ଦୁଗୁରା, ଗୁଡ଼ା ମଲିଗୁଡ଼ା ୬୨୬
୧୬୬	୬୨୭	ବେସରକାରୀ	ଧାନ /୧	୦.୦୦୯	ଗୋଲାଗି ଚନ୍ଦ୍ର, ପିତା: ଗୋଲାଗି ସନାଶୀ, ଜାତି: ମାଳି, ଗ୍ରାମ: ଦୁଗୁରା, ଗୁଡ଼ା ମଲିଗୁଡ଼ା ୬୨୭
Cont. Page...
